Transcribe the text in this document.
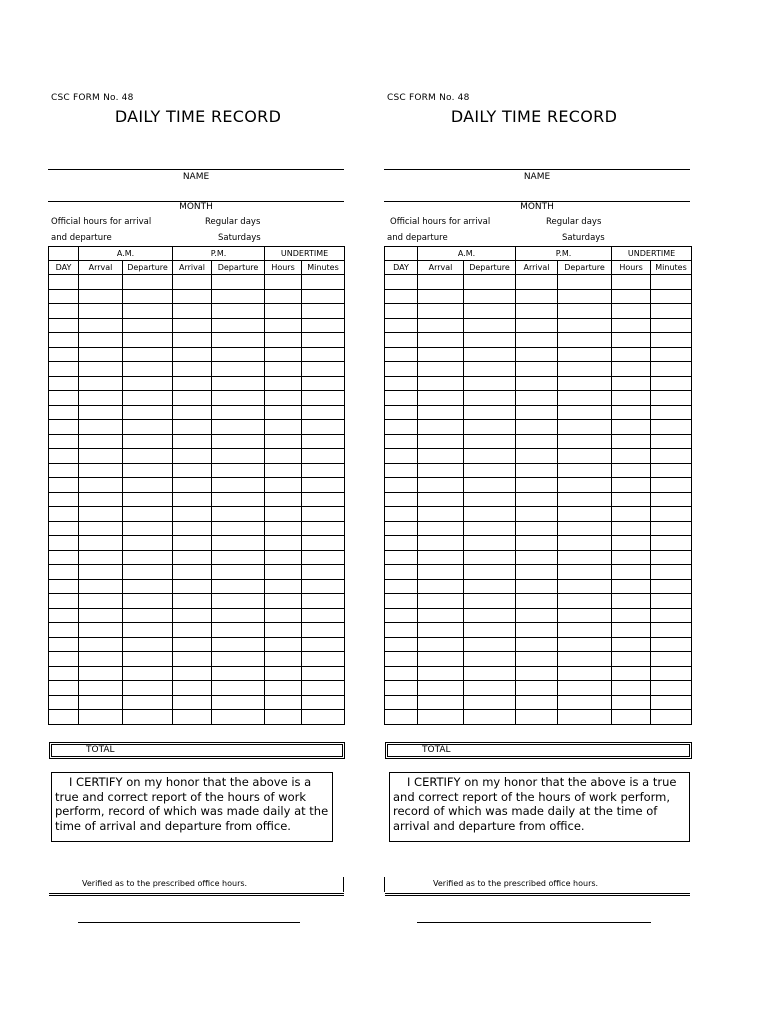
CSC FORM No. 48
DAILY TIME RECORD
NAME
MONTH
Official hours for arrival
and departure
Regular days
Saturdays
	A.M.		P.M.		UNDERTIME	
DAY	Arrval	Departure	Arrival	Departure	Hours	Minutes

TOTAL
I CERTIFY on my honor that the above is a true and correct report of the hours of work perform, record of which was made daily at the time of arrival and departure from office.
Verified as to the prescribed office hours.
CSC FORM No. 48
DAILY TIME RECORD
NAME
MONTH
Official hours for arrival
and departure
Regular days
Saturdays
	A.M.		P.M.		UNDERTIME	
DAY	Arrval	Departure	Arrival	Departure	Hours	Minutes

TOTAL
I CERTIFY on my honor that the above is a true and correct report of the hours of work perform, record of which was made daily at the time of arrival and departure from office.
Verified as to the prescribed office hours.
